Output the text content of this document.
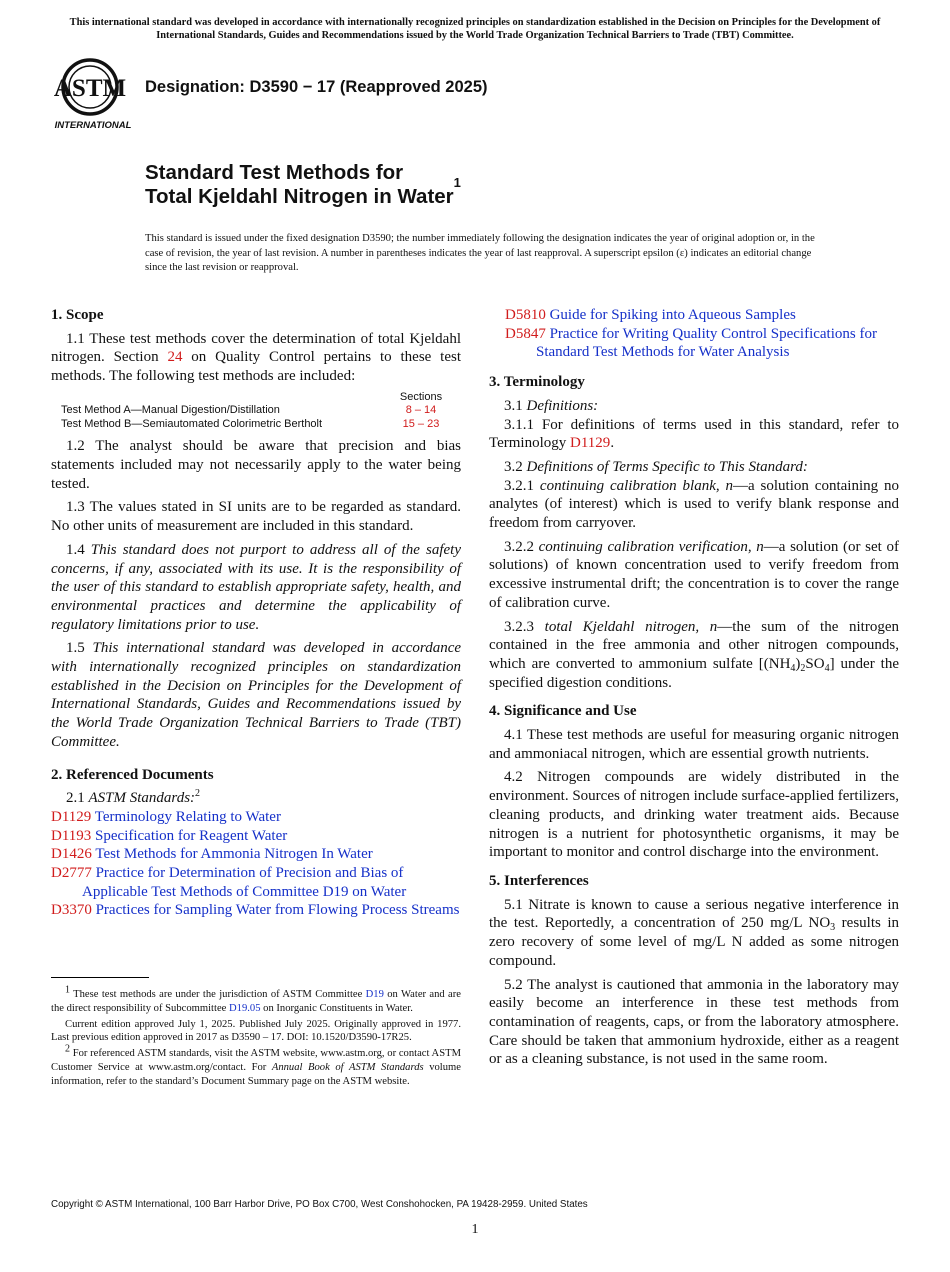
This international standard was developed in accordance with internationally recognized principles on standardization established in the Decision on Principles for the Development of International Standards, Guides and Recommendations issued by the World Trade Organization Technical Barriers to Trade (TBT) Committee.
ASTM
INTERNATIONAL
Designation: D3590 − 17 (Reapproved 2025)
Standard Test Methods for
Total Kjeldahl Nitrogen in Water$^1$
This standard is issued under the fixed designation D3590; the number immediately following the designation indicates the year of original adoption or, in the case of revision, the year of last revision. A number in parentheses indicates the year of last reapproval. A superscript epsilon (ε) indicates an editorial change since the last revision or reapproval.
1. Scope
1.1 These test methods cover the determination of total Kjeldahl nitrogen. Section 24 on Quality Control pertains to these test methods. The following test methods are included:
Sections
Test Method A—Manual Digestion/Distillation	8 – 14
Test Method B—Semiautomated Colorimetric Bertholt	15 – 23
1.2 The analyst should be aware that precision and bias statements included may not necessarily apply to the water being tested.
1.3 The values stated in SI units are to be regarded as standard. No other units of measurement are included in this standard.
1.4 This standard does not purport to address all of the safety concerns, if any, associated with its use. It is the responsibility of the user of this standard to establish appropriate safety, health, and environmental practices and determine the applicability of regulatory limitations prior to use.
1.5 This international standard was developed in accordance with internationally recognized principles on standardization established in the Decision on Principles for the Development of International Standards, Guides and Recommendations issued by the World Trade Organization Technical Barriers to Trade (TBT) Committee.
2. Referenced Documents
2.1 ASTM Standards:$^2$
D1129 Terminology Relating to Water
D1193 Specification for Reagent Water
D1426 Test Methods for Ammonia Nitrogen In Water
D2777 Practice for Determination of Precision and Bias of Applicable Test Methods of Committee D19 on Water
D3370 Practices for Sampling Water from Flowing Process Streams

$^1$ These test methods are under the jurisdiction of ASTM Committee D19 on Water and are the direct responsibility of Subcommittee D19.05 on Inorganic Constituents in Water.

Current edition approved July 1, 2025. Published July 2025. Originally approved in 1977. Last previous edition approved in 2017 as D3590 – 17. DOI: 10.1520/D3590-17R25.

$^2$ For referenced ASTM standards, visit the ASTM website, www.astm.org, or contact ASTM Customer Service at www.astm.org/contact. For Annual Book of ASTM Standards volume information, refer to the standard’s Document Summary page on the ASTM website.

D5810 Guide for Spiking into Aqueous Samples
D5847 Practice for Writing Quality Control Specifications for Standard Test Methods for Water Analysis
3. Terminology
3.1 Definitions:
3.1.1 For definitions of terms used in this standard, refer to Terminology D1129.
3.2 Definitions of Terms Specific to This Standard:
3.2.1 continuing calibration blank, n—a solution containing no analytes (of interest) which is used to verify blank response and freedom from carryover.
3.2.2 continuing calibration verification, n—a solution (or set of solutions) of known concentration used to verify freedom from excessive instrumental drift; the concentration is to cover the range of calibration curve.
3.2.3 total Kjeldahl nitrogen, n—the sum of the nitrogen contained in the free ammonia and other nitrogen compounds, which are converted to ammonium sulfate $[(NH_4)_2SO_4]$ under the specified digestion conditions.
4. Significance and Use
4.1 These test methods are useful for measuring organic nitrogen and ammoniacal nitrogen, which are essential growth nutrients.
4.2 Nitrogen compounds are widely distributed in the environment. Sources of nitrogen include surface-applied fertilizers, cleaning products, and drinking water treatment aids. Because nitrogen is a nutrient for photosynthetic organisms, it may be important to monitor and control discharge into the environment.
5. Interferences
5.1 Nitrate is known to cause a serious negative interference in the test. Reportedly, a concentration of 250 mg/L $NO_3$ results in zero recovery of some level of mg/L N added as some nitrogen compound.
5.2 The analyst is cautioned that ammonia in the laboratory may easily become an interference in these test methods from contamination of reagents, caps, or from the laboratory atmosphere. Care should be taken that ammonium hydroxide, either as a reagent or as a cleaning substance, is not used in the same room.
Copyright © ASTM International, 100 Barr Harbor Drive, PO Box C700, West Conshohocken, PA 19428-2959. United States
1
